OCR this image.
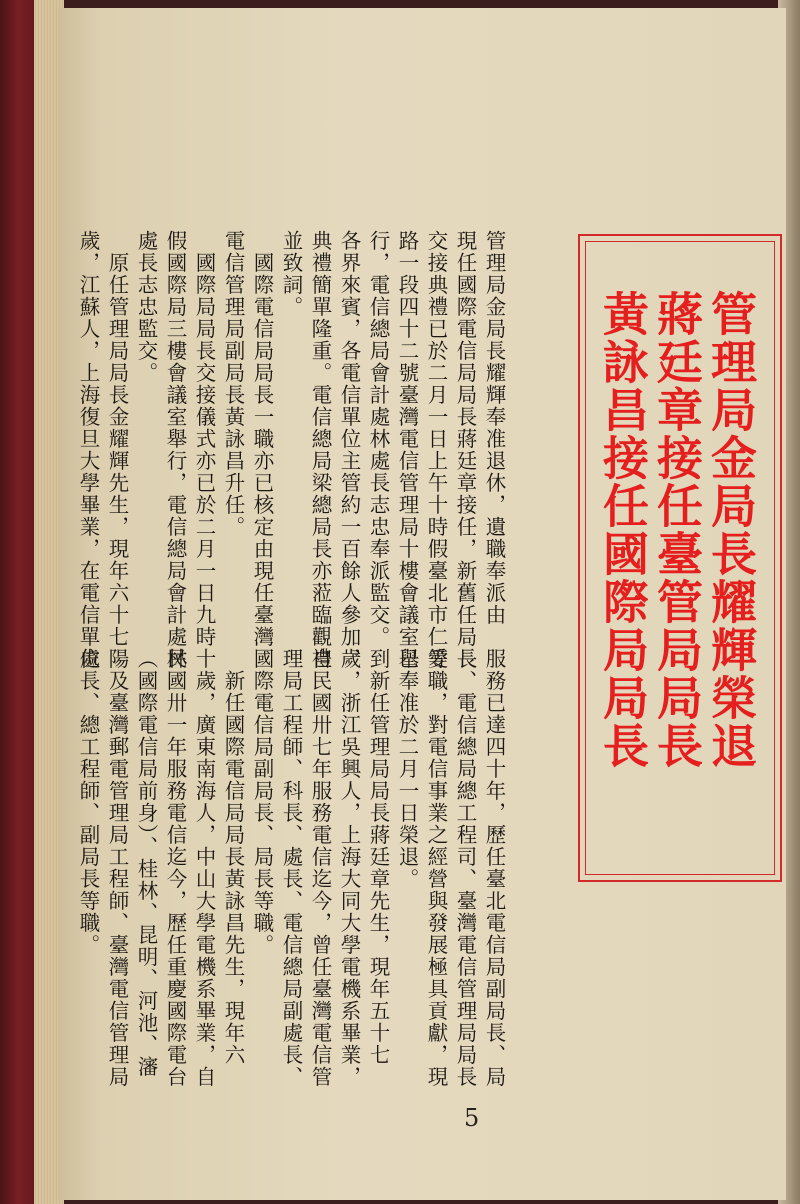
管理局金局長耀輝榮退
蔣廷章接任臺管局局長
黃詠昌接任國際局局長
管理局金局長耀輝奉准退休，遺職奉派由
現任國際電信局局長蔣廷章接任，新舊任局長
交接典禮已於二月一日上午十時假臺北市仁愛
路一段四十二號臺灣電信管理局十樓會議室舉
行，電信總局會計處林處長志忠奉派監交。到
各界來賓，各電信單位主管約一百餘人參加，
典禮簡單隆重。電信總局梁總局長亦蒞臨觀禮
並致詞。
　國際電信局局長一職亦已核定由現任臺灣
電信管理局副局長黃詠昌升任。
　國際局局長交接儀式亦已於二月一日九時
假國際局三樓會議室舉行，電信總局會計處林
處長志忠監交。
　原任管理局局長金耀輝先生，現年六十七
歲，江蘇人，上海復旦大學畢業，在電信單位
服務已達四十年，歷任臺北電信局副局長、局
長、電信總局總工程司、臺灣電信管理局局長
等職，對電信事業之經營與發展極具貢獻，現
已奉准於二月一日榮退。
　新任管理局局長蔣廷章先生，現年五十七
歲，浙江吳興人，上海大同大學電機系畢業，
自民國卅七年服務電信迄今，曾任臺灣電信管
理局工程師、科長、處長、電信總局副處長、
國際電信局副局長、局長等職。
　新任國際電信局局長黃詠昌先生，現年六
十歲，廣東南海人，中山大學電機系畢業，自
民國卅一年服務電信迄今，歷任重慶國際電台
（國際電信局前身）、桂林、昆明、河池、瀋
陽及臺灣郵電管理局工程師、臺灣電信管理局
處長、總工程師、副局長等職。
5
